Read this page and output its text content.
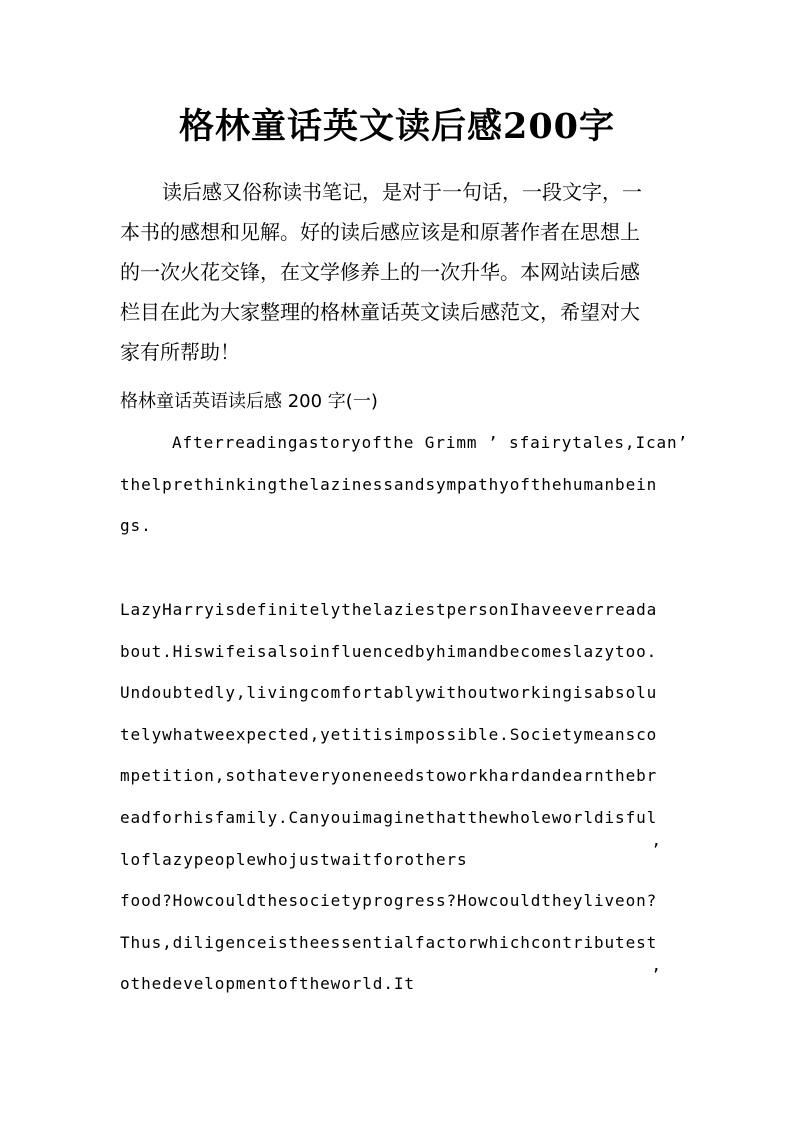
格林童话英文读后感200字
读后感又俗称读书笔记，是对于一句话，一段文字，一
本书的感想和见解。好的读后感应该是和原著作者在思想上
的一次火花交锋，在文学修养上的一次升华。本网站读后感
栏目在此为大家整理的格林童话英文读后感范文，希望对大
家有所帮助！
格林童话英语读后感 200 字(一)
Afterreadingastoryofthe Grimm ’ sfairytales,Ican’
thelprethinkingthelazinessandsympathyofthehumanbein
gs.
LazyHarryisdefinitelythelaziestpersonIhaveeverreada
bout.Hiswifeisalsoinfluencedbyhimandbecomeslazytoo.
Undoubtedly,livingcomfortablywithoutworkingisabsolu
telywhatweexpected,yetitisimpossible.Societymeansco
mpetition,sothateveryoneneedstoworkhardandearnthebr
eadforhisfamily.Canyouimaginethatthewholeworldisful
loflazypeoplewhojustwaitforothers
food?Howcouldthesocietyprogress?Howcouldtheyliveon?
Thus,diligenceistheessentialfactorwhichcontributest
othedevelopmentoftheworld.It
’
’
